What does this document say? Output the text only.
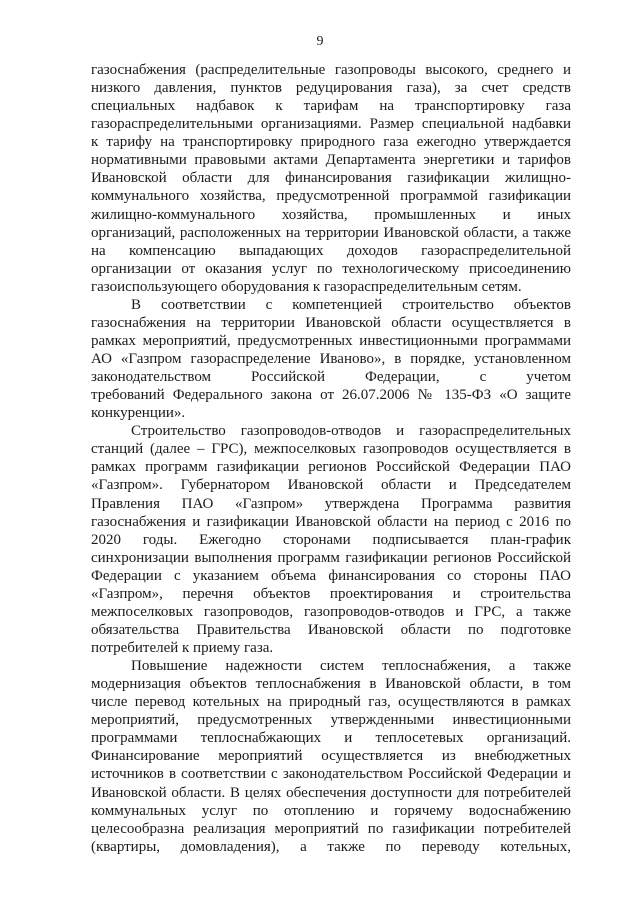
9
газоснабжения (распределительные газопроводы высокого, среднего и
низкого давления, пунктов редуцирования газа), за счет средств
специальных надбавок к тарифам на транспортировку газа
газораспределительными организациями. Размер специальной надбавки
к тарифу на транспортировку природного газа ежегодно утверждается
нормативными правовыми актами Департамента энергетики и тарифов
Ивановской области для финансирования газификации жилищно-
коммунального хозяйства, предусмотренной программой газификации
жилищно-коммунального хозяйства, промышленных и иных
организаций, расположенных на территории Ивановской области, а также
на компенсацию выпадающих доходов газораспределительной
организации от оказания услуг по технологическому присоединению
газоиспользующего оборудования к газораспределительным сетям.
В соответствии с компетенцией строительство объектов
газоснабжения на территории Ивановской области осуществляется в
рамках мероприятий, предусмотренных инвестиционными программами
АО «Газпром газораспределение Иваново», в порядке, установленном
законодательством Российской Федерации, с учетом
требований Федерального закона от 26.07.2006 № 135-ФЗ «О защите
конкуренции».
Строительство газопроводов-отводов и газораспределительных
станций (далее – ГРС), межпоселковых газопроводов осуществляется в
рамках программ газификации регионов Российской Федерации ПАО
«Газпром». Губернатором Ивановской области и Председателем
Правления ПАО «Газпром» утверждена Программа развития
газоснабжения и газификации Ивановской области на период с 2016 по
2020 годы. Ежегодно сторонами подписывается план-график
синхронизации выполнения программ газификации регионов Российской
Федерации с указанием объема финансирования со стороны ПАО
«Газпром», перечня объектов проектирования и строительства
межпоселковых газопроводов, газопроводов-отводов и ГРС, а также
обязательства Правительства Ивановской области по подготовке
потребителей к приему газа.
Повышение надежности систем теплоснабжения, а также
модернизация объектов теплоснабжения в Ивановской области, в том
числе перевод котельных на природный газ, осуществляются в рамках
мероприятий, предусмотренных утвержденными инвестиционными
программами теплоснабжающих и теплосетевых организаций.
Финансирование мероприятий осуществляется из внебюджетных
источников в соответствии с законодательством Российской Федерации и
Ивановской области. В целях обеспечения доступности для потребителей
коммунальных услуг по отоплению и горячему водоснабжению
целесообразна реализация мероприятий по газификации потребителей
(квартиры, домовладения), а также по переводу котельных,
